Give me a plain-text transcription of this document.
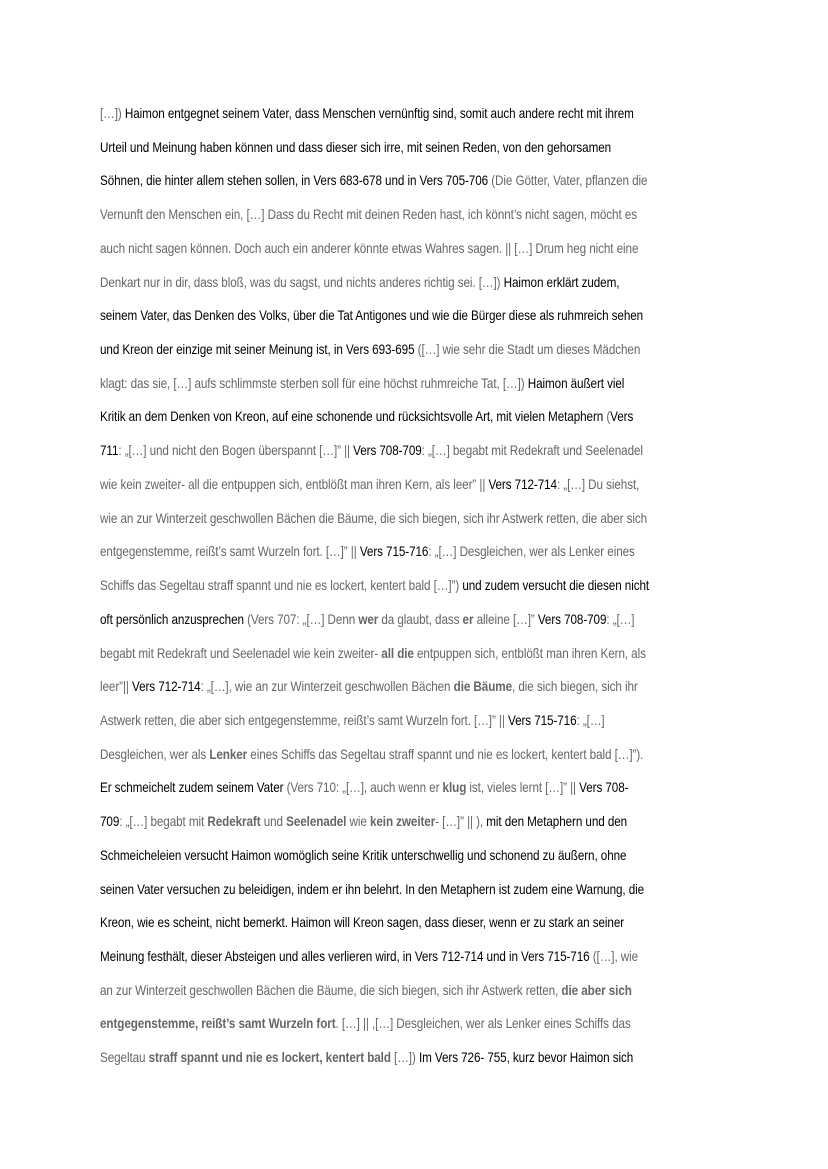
[…]) Haimon entgegnet seinem Vater, dass Menschen vernünftig sind, somit auch andere recht mit ihrem Urteil und Meinung haben können und dass dieser sich irre, mit seinen Reden, von den gehorsamen Söhnen, die hinter allem stehen sollen, in Vers 683-678 und in Vers 705-706 (Die Götter, Vater, pflanzen die Vernunft den Menschen ein, […] Dass du Recht mit deinen Reden hast, ich könnt’s nicht sagen, möcht es auch nicht sagen können. Doch auch ein anderer könnte etwas Wahres sagen. || […] Drum heg nicht eine Denkart nur in dir, dass bloß, was du sagst, und nichts anderes richtig sei. […]) Haimon erklärt zudem, seinem Vater, das Denken des Volks, über die Tat Antigones und wie die Bürger diese als ruhmreich sehen und Kreon der einzige mit seiner Meinung ist, in Vers 693-695 ([…] wie sehr die Stadt um dieses Mädchen klagt: das sie, […] aufs schlimmste sterben soll für eine höchst ruhmreiche Tat, […]) Haimon äußert viel Kritik an dem Denken von Kreon, auf eine schonende und rücksichtsvolle Art, mit vielen Metaphern (Vers 711: „[…] und nicht den Bogen überspannt […]” || Vers 708-709: „[…] begabt mit Redekraft und Seelenadel wie kein zweiter- all die entpuppen sich, entblößt man ihren Kern, als leer” || Vers 712-714: „[…] Du siehst, wie an zur Winterzeit geschwollen Bächen die Bäume, die sich biegen, sich ihr Astwerk retten, die aber sich entgegenstemme, reißt’s samt Wurzeln fort. […]” || Vers 715-716: „[…] Desgleichen, wer als Lenker eines Schiffs das Segeltau straff spannt und nie es lockert, kentert bald […]”) und zudem versucht die diesen nicht oft persönlich anzusprechen (Vers 707: „[…] Denn wer da glaubt, dass er alleine […]” Vers 708-709: „[…] begabt mit Redekraft und Seelenadel wie kein zweiter- all die entpuppen sich, entblößt man ihren Kern, als leer”|| Vers 712-714: „[…], wie an zur Winterzeit geschwollen Bächen die Bäume, die sich biegen, sich ihr Astwerk retten, die aber sich entgegenstemme, reißt’s samt Wurzeln fort. […]” || Vers 715-716: „[…] Desgleichen, wer als Lenker eines Schiffs das Segeltau straff spannt und nie es lockert, kentert bald […]”). Er schmeichelt zudem seinem Vater (Vers 710: „[…], auch wenn er klug ist, vieles lernt […]” || Vers 708-709: „[…] begabt mit Redekraft und Seelenadel wie kein zweiter- […]” || ), mit den Metaphern und den Schmeicheleien versucht Haimon womöglich seine Kritik unterschwellig und schonend zu äußern, ohne seinen Vater versuchen zu beleidigen, indem er ihn belehrt. In den Metaphern ist zudem eine Warnung, die Kreon, wie es scheint, nicht bemerkt. Haimon will Kreon sagen, dass dieser, wenn er zu stark an seiner Meinung festhält, dieser Absteigen und alles verlieren wird, in Vers 712-714 und in Vers 715-716 ([…], wie an zur Winterzeit geschwollen Bächen die Bäume, die sich biegen, sich ihr Astwerk retten, die aber sich entgegenstemme, reißt’s samt Wurzeln fort. […] || ,[…] Desgleichen, wer als Lenker eines Schiffs das Segeltau straff spannt und nie es lockert, kentert bald […]) Im Vers 726- 755, kurz bevor Haimon sich
